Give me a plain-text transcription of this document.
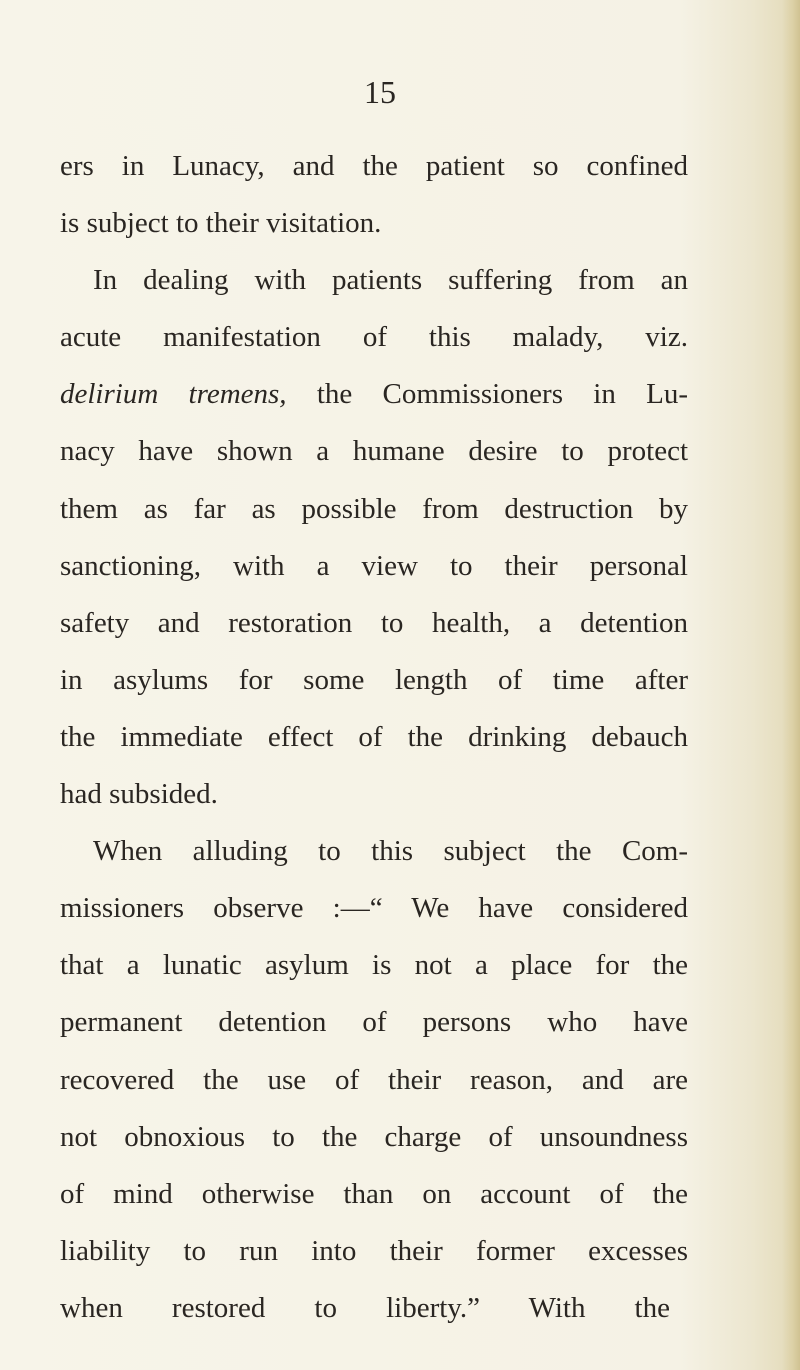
15
ers in Lunacy, and the patient so confined
is subject to their visitation.
In dealing with patients suffering from an
acute manifestation of this malady, viz.
delirium tremens, the Commissioners in Lu-
nacy have shown a humane desire to protect
them as far as possible from destruction by
sanctioning, with a view to their personal
safety and restoration to health, a detention
in asylums for some length of time after
the immediate effect of the drinking debauch
had subsided.
When alluding to this subject the Com-
missioners observe :—“ We have considered
that a lunatic asylum is not a place for the
permanent detention of persons who have
recovered the use of their reason, and are
not obnoxious to the charge of unsoundness
of mind otherwise than on account of the
liability to run into their former excesses
when restored to liberty.” With the
